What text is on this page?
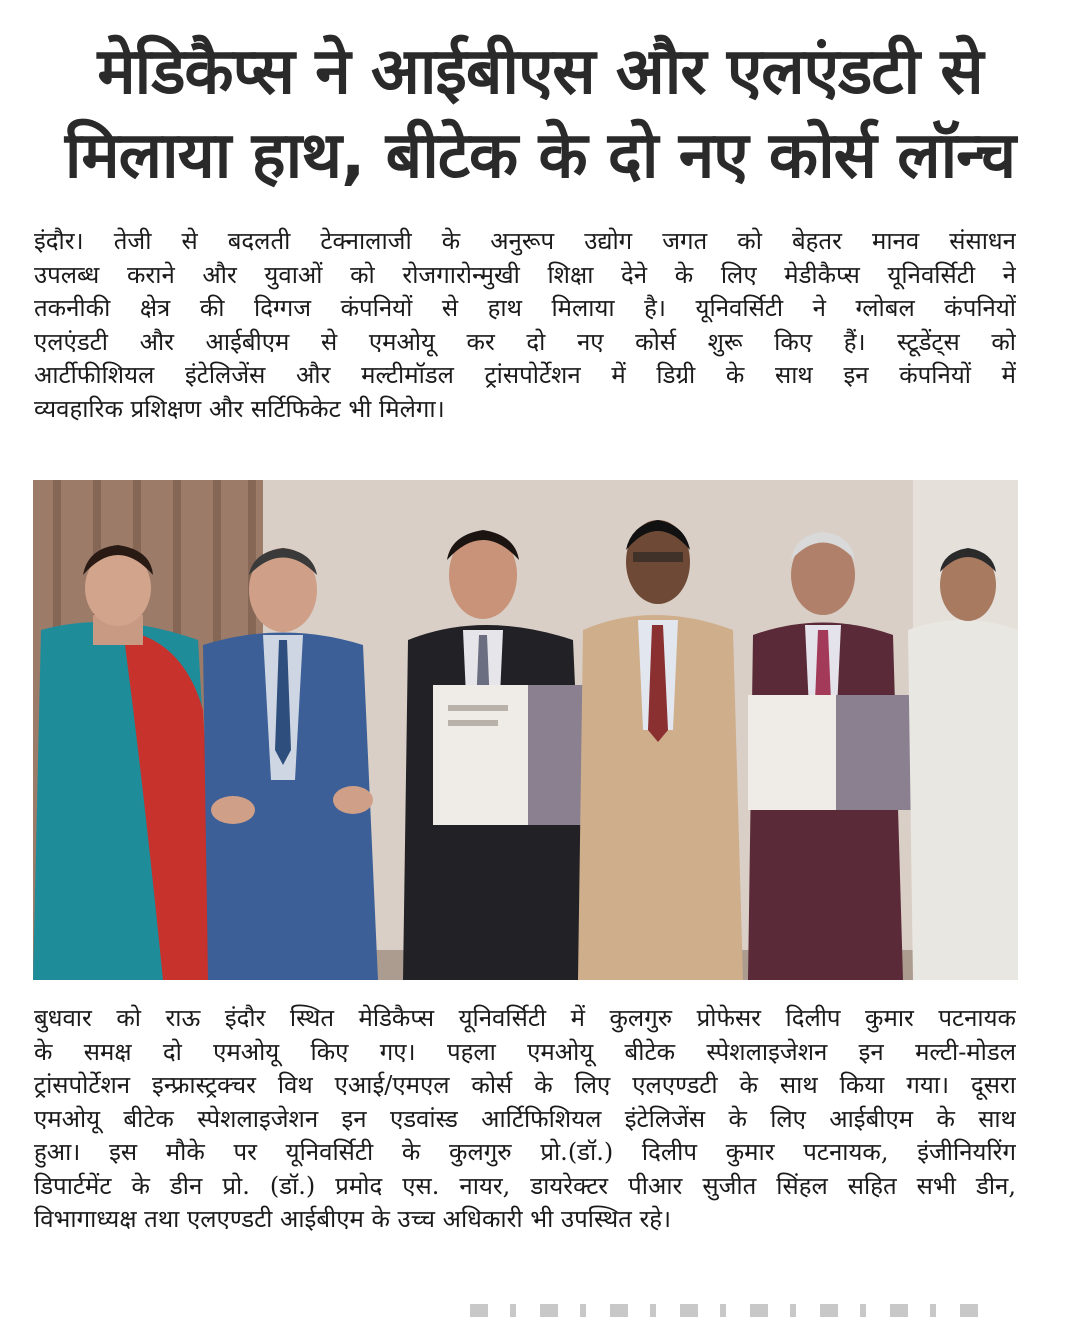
मेडिकैप्स ने आईबीएस और एलएंडटी से
मिलाया हाथ, बीटेक के दो नए कोर्स लॉन्च

इंदौर। तेजी से बदलती टेक्नालाजी के अनुरूप उद्योग जगत को बेहतर मानव संसाधन
उपलब्ध कराने और युवाओं को रोजगारोन्मुखी शिक्षा देने के लिए मेडीकैप्स यूनिवर्सिटी ने
तकनीकी क्षेत्र की दिग्गज कंपनियों से हाथ मिलाया है। यूनिवर्सिटी ने ग्लोबल कंपनियों
एलएंडटी और आईबीएम से एमओयू कर दो नए कोर्स शुरू किए हैं। स्टूडेंट्स को
आर्टीफीशियल इंटेलिजेंस और मल्टीमॉडल ट्रांसपोर्टेशन में डिग्री के साथ इन कंपनियों में
व्यवहारिक प्रशिक्षण और सर्टिफिकेट भी मिलेगा।

बुधवार को राऊ इंदौर स्थित मेडिकैप्स यूनिवर्सिटी में कुलगुरु प्रोफेसर दिलीप कुमार पटनायक
के समक्ष दो एमओयू किए गए। पहला एमओयू बीटेक स्पेशलाइजेशन इन मल्टी-मोडल
ट्रांसपोर्टेशन इन्फ्रास्ट्रक्चर विथ एआई/एमएल कोर्स के लिए एलएण्डटी के साथ किया गया। दूसरा
एमओयू बीटेक स्पेशलाइजेशन इन एडवांस्ड आर्टिफिशियल इंटेलिजेंस के लिए आईबीएम के साथ
हुआ। इस मौके पर यूनिवर्सिटी के कुलगुरु प्रो.(डॉ.) दिलीप कुमार पटनायक, इंजीनियरिंग
डिपार्टमेंट के डीन प्रो. (डॉ.) प्रमोद एस. नायर, डायरेक्टर पीआर सुजीत सिंहल सहित सभी डीन,
विभागाध्यक्ष तथा एलएण्डटी आईबीएम के उच्च अधिकारी भी उपस्थित रहे।
